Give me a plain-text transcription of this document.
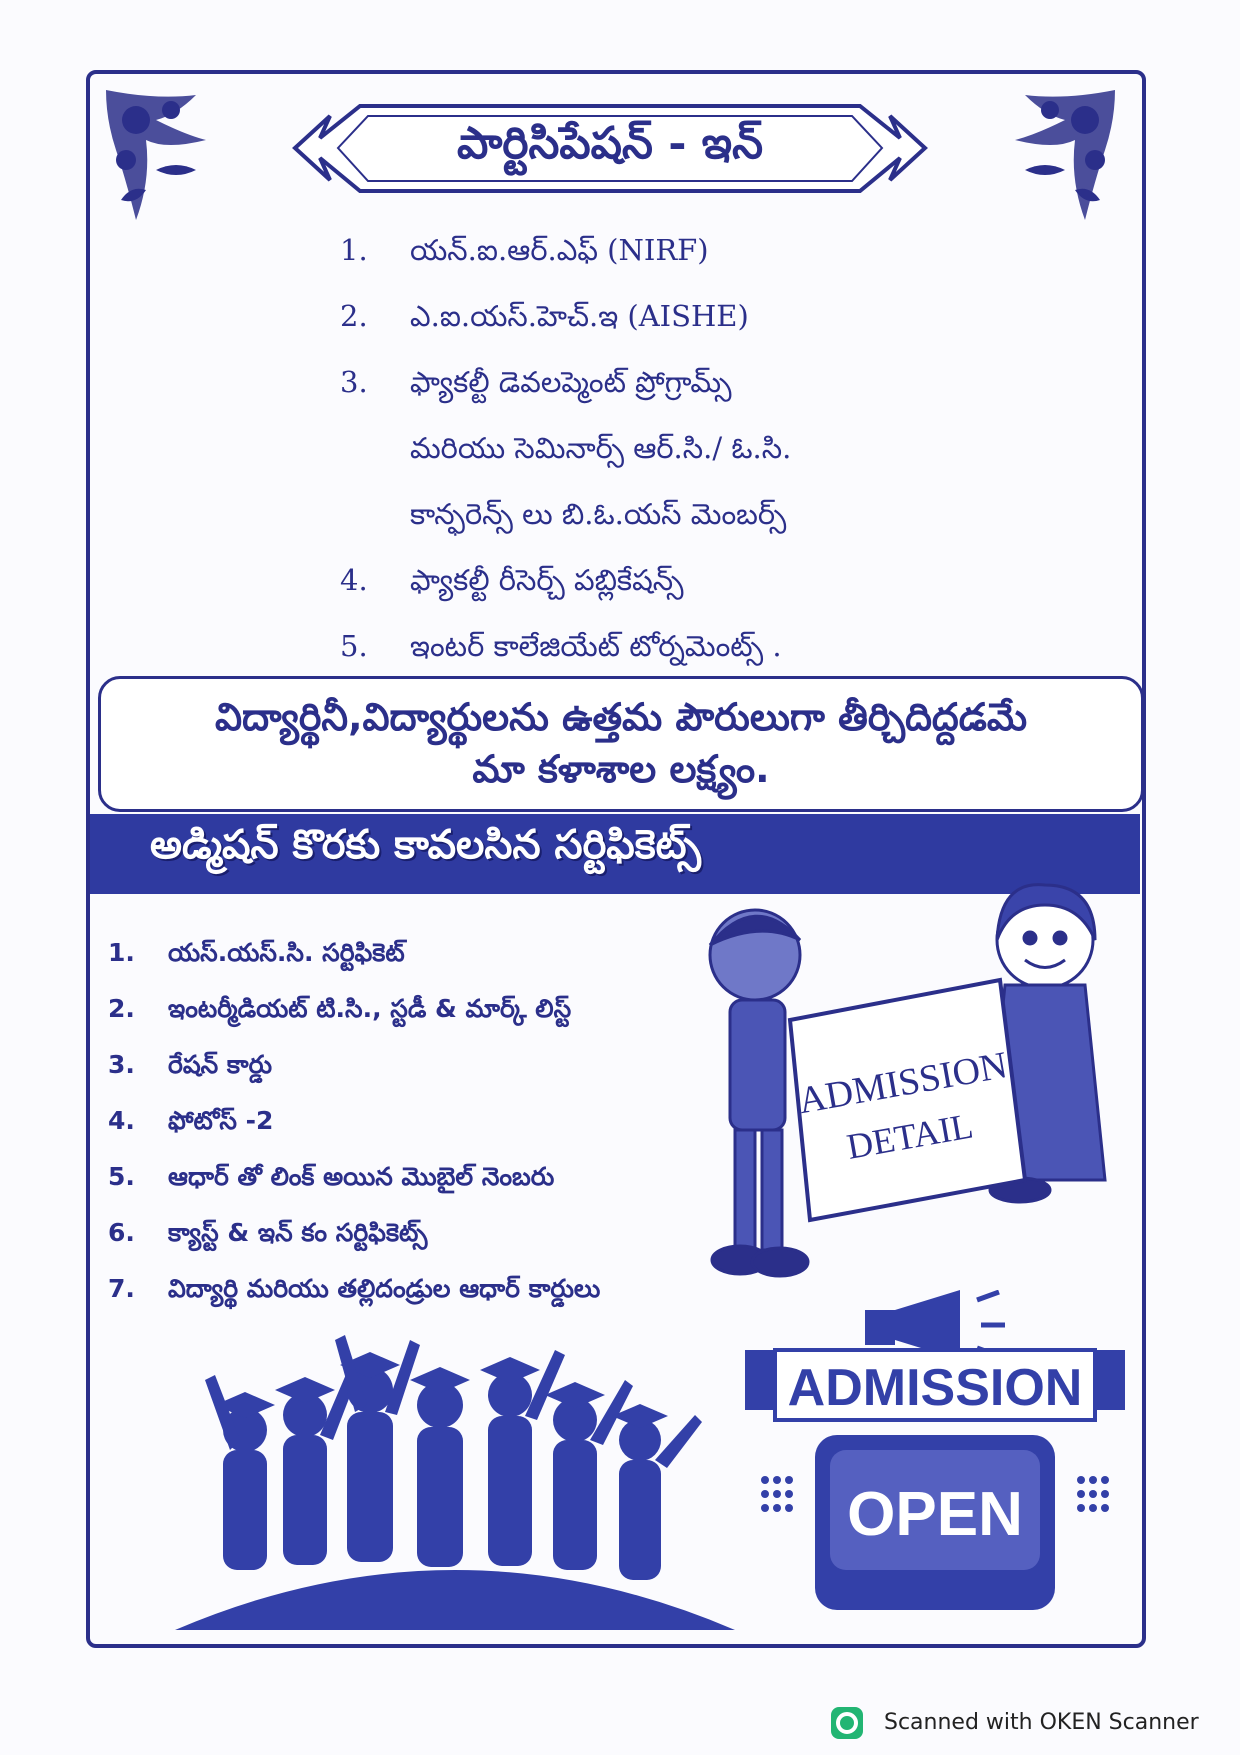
పార్టిసిపేషన్ - ఇన్
1. యన్.ఐ.ఆర్.ఎఫ్ (NIRF)
2. ఎ.ఐ.యస్.హెచ్.ఇ (AISHE)
3. ఫ్యాకల్టీ డెవలప్మెంట్ ప్రోగ్రామ్స్
మరియు సెమినార్స్ ఆర్.సి./ ఓ.సి.
కాన్ఫరెన్స్ లు బి.ఓ.యస్ మెంబర్స్
4. ఫ్యాకల్టీ రీసెర్చ్ పబ్లికేషన్స్
5. ఇంటర్ కాలేజియేట్ టోర్నమెంట్స్ .
విద్యార్థినీ,విద్యార్థులను ఉత్తమ పౌరులుగా తీర్చిదిద్దడమే
మా కళాశాల లక్ష్యం.
అడ్మిషన్ కొరకు కావలసిన సర్టిఫికెట్స్
1. యస్.యస్.సి. సర్టిఫికెట్
2. ఇంటర్మీడియట్ టి.సి., స్టడీ & మార్క్ లిస్ట్
3. రేషన్ కార్డు
4. ఫోటోస్ -2
5. ఆధార్ తో లింక్ అయిన మొబైల్ నెంబరు
6. క్యాస్ట్ & ఇన్ కం సర్టిఫికెట్స్
7. విద్యార్థి మరియు తల్లిదండ్రుల ఆధార్ కార్డులు
ADMISSION
DETAIL
ADMISSION
OPEN
Scanned with OKEN Scanner
